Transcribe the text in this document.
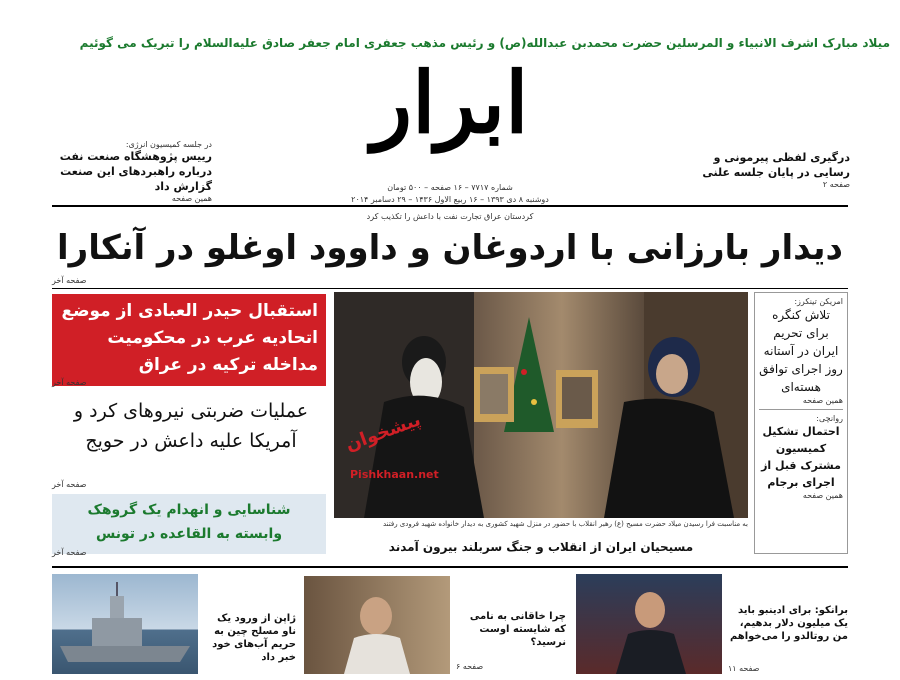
میلاد مبارک اشرف الانبیاء و المرسلین حضرت محمدبن عبدالله(ص) و رئیس مذهب جعفری امام جعفر صادق علیه‌السلام را تبریک می گوئیم
در جلسه کمیسیون انرژی:
رییس پژوهشگاه صنعت نفت درباره راهبردهای این صنعت گزارش داد
همین صفحه
ابرار
شماره ۷۷۱۷ – ۱۶ صفحه – ۵۰۰ تومان
دوشنبه ۸ دی ۱۳۹۳ – ۱۶ ربیع الاول ۱۴۳۶ – ۲۹ دسامبر ۲۰۱۴
درگیری لفظی پیرمونی و رسایی در پایان جلسه علنی
صفحه ۲
کردستان عراق تجارت نفت با داعش را تکذیب کرد
دیدار بارزانی با اردوغان و داوود اوغلو در آنکارا
صفحه آخر
استقبال حیدر العبادی از موضع اتحادیه عرب در محکومیت مداخله ترکیه در عراق
صفحه آخر
عملیات ضربتی نیروهای کرد و آمریکا علیه داعش در حویج
صفحه آخر
شناسایی و انهدام یک گروهک وابسته به القاعده در تونس
صفحه آخر
پیشخوان
Pishkhaan.net
به مناسبت فرا رسیدن میلاد حضرت مسیح (ع) رهبر انقلاب با حضور در منزل شهید کشوری به دیدار خانواده شهید فرودی رفتند
مسیحیان ایران از انقلاب و جنگ سربلند بیرون آمدند
امریکن تینکرز:
تلاش کنگره برای تحریم ایران در آستانه روز اجرای توافق هسته‌ای
همین صفحه
روانچی:
احتمال تشکیل کمیسیون مشترک قبل از اجرای برجام
همین صفحه
ژاپن از ورود یک ناو مسلح چین به حریم آب‌های خود خبر داد
چرا خاقانی به نامی که شایسته اوست نرسید؟
صفحه ۶
برانکو: برای ادینبو باید یک میلیون دلار بدهیم، من روتالدو را می‌خواهم
صفحه ۱۱
